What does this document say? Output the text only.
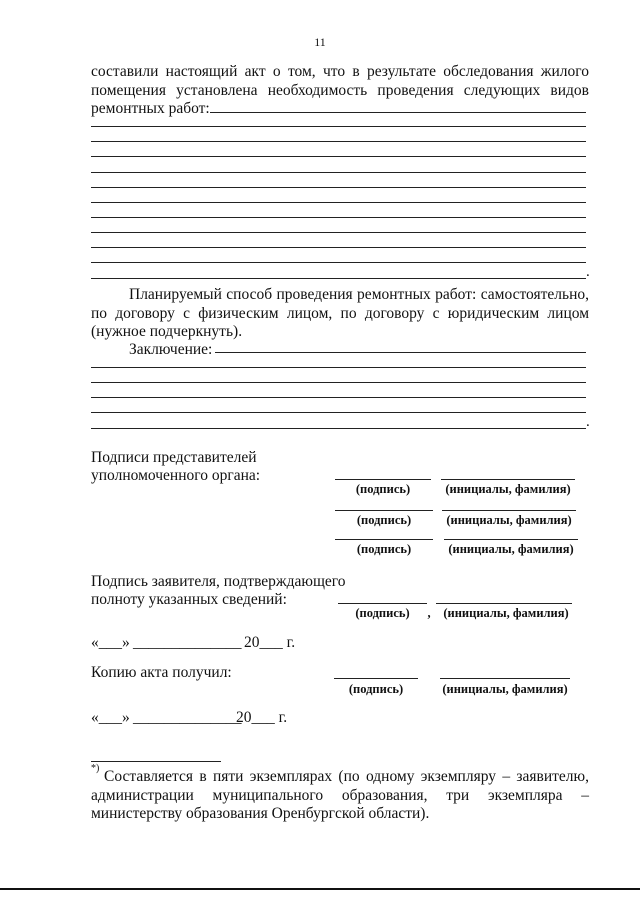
11
составили настоящий акт о том, что в результате обследования жилого
помещения установлена необходимость проведения следующих видов
ремонтных работ:
.
Планируемый способ проведения ремонтных работ: самостоятельно,
по договору с физическим лицом, по договору с юридическим лицом
(нужное подчеркнуть).
Заключение:
.
Подписи представителей
уполномоченного органа:
(подпись)	(инициалы, фамилия)
(подпись)	(инициалы, фамилия)
(подпись)	(инициалы, фамилия)
Подпись заявителя, подтверждающего
полноту указанных сведений:
(подпись)	,	(инициалы, фамилия)
«___» ______________ 20___ г.
Копию акта получил:
(подпись)	(инициалы, фамилия)
«___» ______________
20___ г.
*) Составляется в пяти экземплярах (по одному экземпляру – заявителю,
администрации муниципального образования, три экземпляра –
министерству образования Оренбургской области).
